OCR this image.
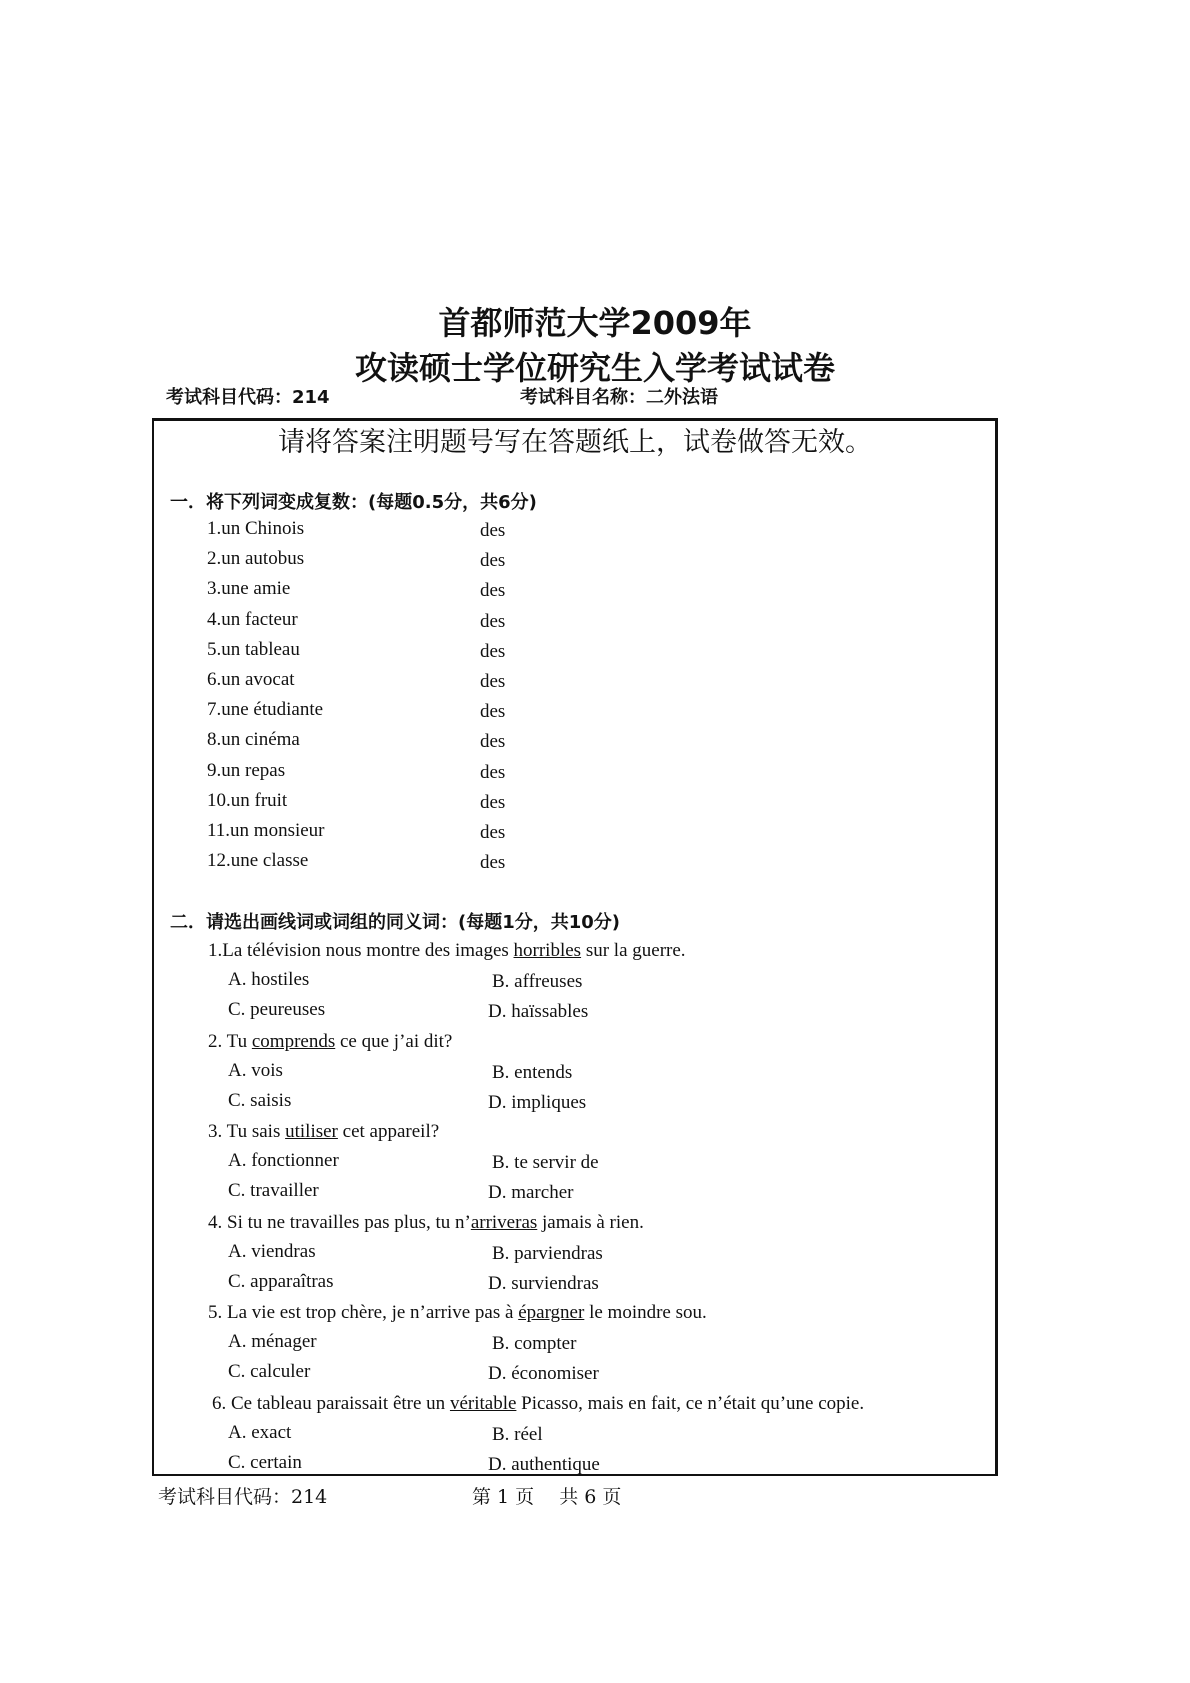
首都师范大学2009年
攻读硕士学位研究生入学考试试卷
考试科目代码：214	考试科目名称：二外法语
请将答案注明题号写在答题纸上，试卷做答无效。
一．将下列词变成复数：(每题0.5分，共6分)
1.un Chinois	des
2.un autobus	des
3.une amie	des
4.un facteur	des
5.un tableau	des
6.un avocat	des
7.une étudiante	des
8.un cinéma	des
9.un repas	des
10.un fruit	des
11.un monsieur	des
12.une classe	des
二．请选出画线词或词组的同义词：(每题1分，共10分)
1.La télévision nous montre des images horribles sur la guerre.
A. hostiles	B. affreuses
C. peureuses	D. haïssables
2. Tu comprends ce que j’ai dit?
A. vois	B. entends
C. saisis	D. impliques
3. Tu sais utiliser cet appareil?
A. fonctionner	B. te servir de
C. travailler	D. marcher
4. Si tu ne travailles pas plus, tu n’arriveras jamais à rien.
A. viendras	B. parviendras
C. apparaîtras	D. surviendras
5. La vie est trop chère, je n’arrive pas à épargner le moindre sou.
A. ménager	B. compter
C. calculer	D. économiser
6. Ce tableau paraissait être un véritable Picasso, mais en fait, ce n’était qu’une copie.
A. exact	B. réel
C. certain	D. authentique
考试科目代码：214	第 1 页　 共 6 页
